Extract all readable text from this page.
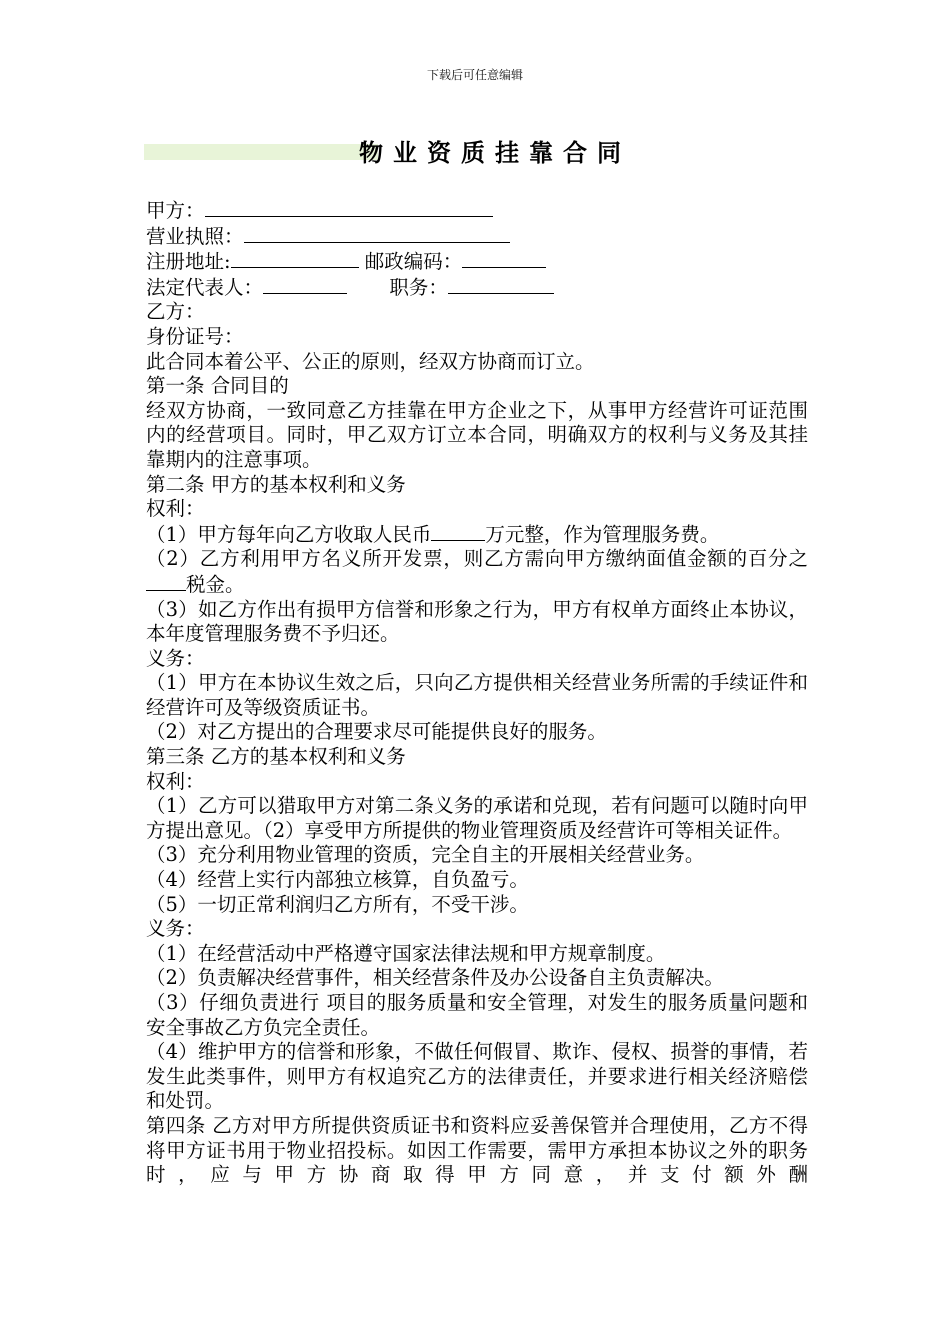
下载后可任意编辑
物业资质挂靠合同
甲方：
营业执照：
注册地址:	邮政编码：
法定代表人：	职务：
乙方：
身份证号：
此合同本着公平、公正的原则，经双方协商而订立。
第一条 合同目的
经双方协商，一致同意乙方挂靠在甲方企业之下，从事甲方经营许可证范围内的经营项目。同时，甲乙双方订立本合同，明确双方的权利与义务及其挂靠期内的注意事项。
第二条 甲方的基本权利和义务
权利：
（1）甲方每年向乙方收取人民币	万元整，作为管理服务费。
（2）乙方利用甲方名义所开发票，则乙方需向甲方缴纳面值金额的百分之税金。
（3）如乙方作出有损甲方信誉和形象之行为，甲方有权单方面终止本协议，本年度管理服务费不予归还。
义务：
（1）甲方在本协议生效之后，只向乙方提供相关经营业务所需的手续证件和经营许可及等级资质证书。
（2）对乙方提出的合理要求尽可能提供良好的服务。
第三条 乙方的基本权利和义务
权利：
（1）乙方可以猎取甲方对第二条义务的承诺和兑现，若有问题可以随时向甲方提出意见。（2）享受甲方所提供的物业管理资质及经营许可等相关证件。
（3）充分利用物业管理的资质，完全自主的开展相关经营业务。
（4）经营上实行内部独立核算，自负盈亏。
（5）一切正常利润归乙方所有，不受干涉。
义务：
（1）在经营活动中严格遵守国家法律法规和甲方规章制度。
（2）负责解决经营事件，相关经营条件及办公设备自主负责解决。
（3）仔细负责进行 项目的服务质量和安全管理，对发生的服务质量问题和安全事故乙方负完全责任。
（4）维护甲方的信誉和形象，不做任何假冒、欺诈、侵权、损誉的事情，若发生此类事件，则甲方有权追究乙方的法律责任，并要求进行相关经济赔偿和处罚。
第四条 乙方对甲方所提供资质证书和资料应妥善保管并合理使用，乙方不得将甲方证书用于物业招投标。如因工作需要，需甲方承担本协议之外的职务时，应与甲方协商取得甲方同意，并支付额外酬
